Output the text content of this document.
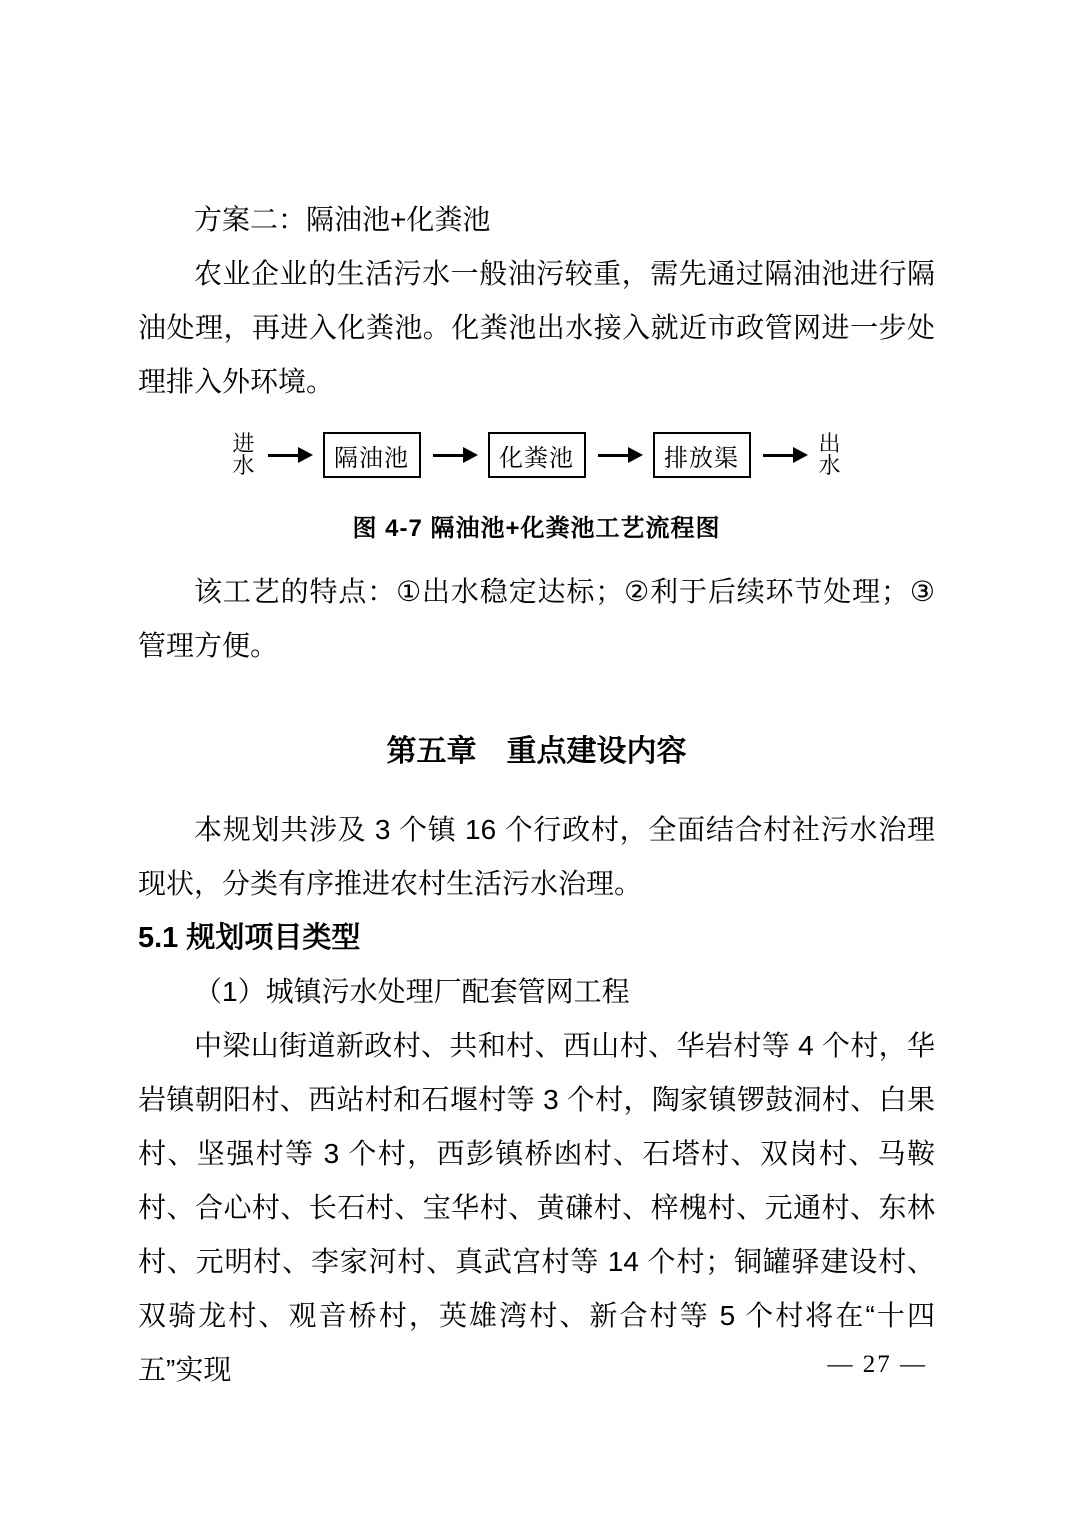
方案二：隔油池+化粪池

农业企业的生活污水一般油污较重，需先通过隔油池进行隔油处理，再进入化粪池。化粪池出水接入就近市政管网进一步处理排入外环境。

进水	隔油池	化粪池	排放渠
出水

图 4-7 隔油池+化粪池工艺流程图

该工艺的特点：①出水稳定达标；②利于后续环节处理；③管理方便。

第五章　重点建设内容

本规划共涉及 3 个镇 16 个行政村，全面结合村社污水治理现状，分类有序推进农村生活污水治理。

5.1 规划项目类型

（1）城镇污水处理厂配套管网工程

中梁山街道新政村、共和村、西山村、华岩村等 4 个村，华岩镇朝阳村、西站村和石堰村等 3 个村，陶家镇锣鼓洞村、白果村、坚强村等 3 个村，西彭镇桥凼村、石塔村、双岗村、马鞍村、合心村、长石村、宝华村、黄磏村、梓槐村、元通村、东林村、元明村、李家河村、真武宫村等 14 个村；铜罐驿建设村、双骑龙村、观音桥村，英雄湾村、新合村等 5 个村将在“十四五”实现	— 27 —
